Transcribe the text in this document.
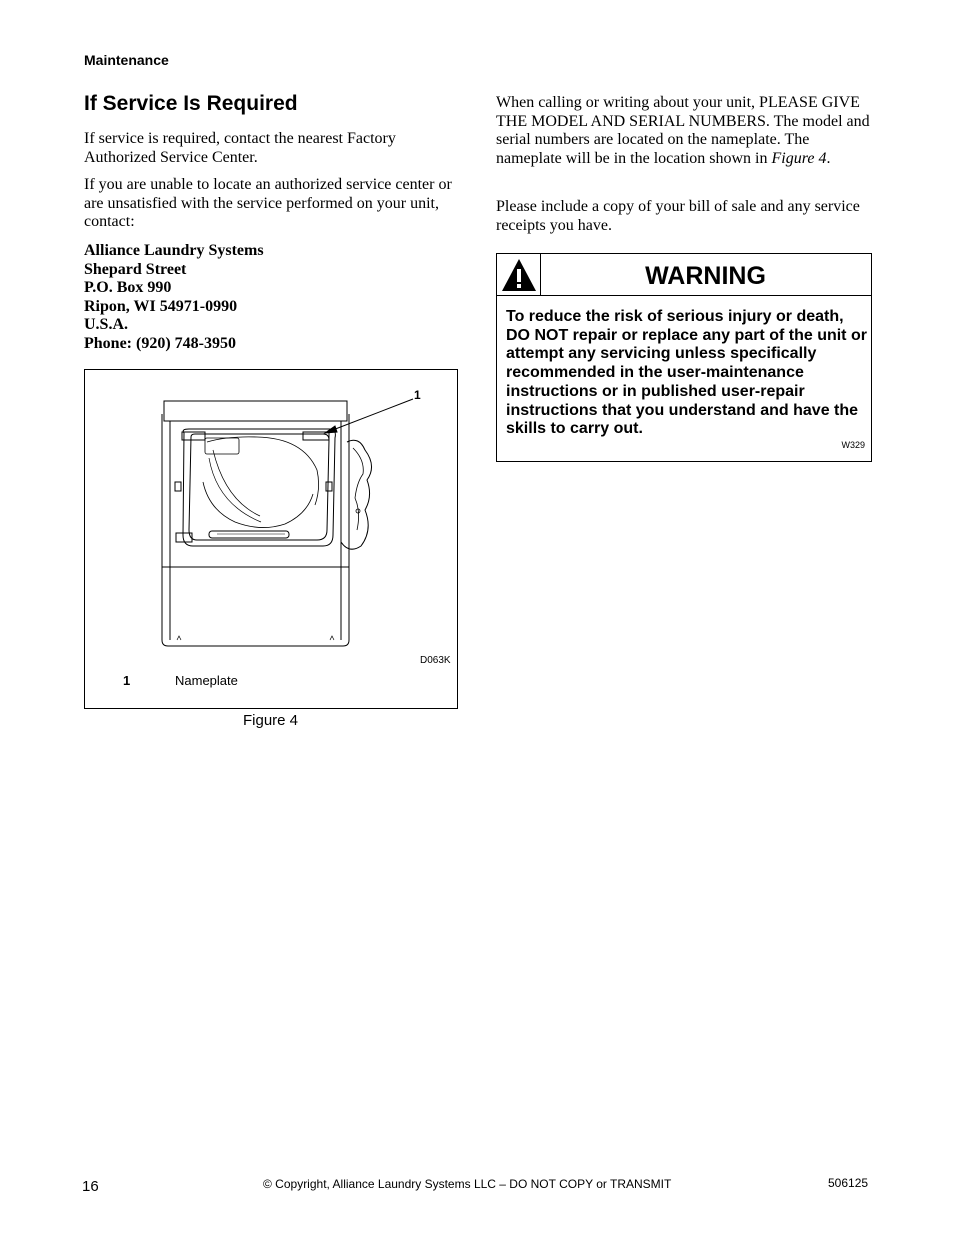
Maintenance
If Service Is Required
If service is required, contact the nearest Factory Authorized Service Center.
If you are unable to locate an authorized service center or are unsatisfied with the service performed on your unit, contact:
Alliance Laundry Systems
Shepard Street
P.O. Box 990
Ripon, WI 54971-0990
U.S.A.
Phone: (920) 748-3950
1
D063K
1	Nameplate
Figure 4
When calling or writing about your unit, PLEASE GIVE THE MODEL AND SERIAL NUMBERS. The model and serial numbers are located on the nameplate. The nameplate will be in the location shown in Figure 4.
Please include a copy of your bill of sale and any service receipts you have.
WARNING
To reduce the risk of serious injury or death, DO NOT repair or replace any part of the unit or attempt any servicing unless specifically recommended in the user-maintenance instructions or in published user-repair instructions that you understand and have the skills to carry out.
W329
16	© Copyright, Alliance Laundry Systems LLC – DO NOT COPY or TRANSMIT	506125
